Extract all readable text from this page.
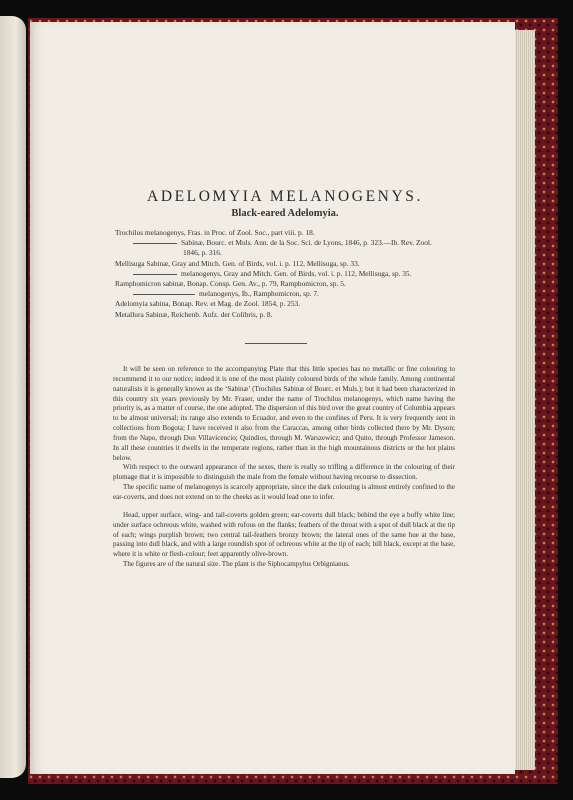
ADELOMYIA MELANOGENYS.
Black-eared Adelomyia.
Trochilus melanogenys, Fras. in Proc. of Zool. Soc., part viii. p. 18.
Sabinæ, Bourc. et Muls. Ann. de la Soc. Sci. de Lyons, 1846, p. 323.—Ib. Rev. Zool.
1846, p. 316.
Mellisuga Sabinæ, Gray and Mitch. Gen. of Birds, vol. i. p. 112, Mellisuga, sp. 33.
melanogenys, Gray and Mitch. Gen. of Birds, vol. i. p. 112, Mellisuga, sp. 35.
Ramphomicron sabinæ, Bonap. Consp. Gen. Av., p. 79, Ramphomicron, sp. 5.
melanogenys, Ib., Ramphomicron, sp. 7.
Adelomyia sabina, Bonap. Rev. et Mag. de Zool. 1854, p. 253.
Metallura Sabinæ, Reichenb. Aufz. der Colibris, p. 8.

It will be seen on reference to the accompanying Plate that this little species has no metallic or fine colouring to recommend it to our notice; indeed it is one of the most plainly coloured birds of the whole family. Among continental naturalists it is generally known as the ‘Sabinæ’ (Trochilus Sabinæ of Bourc. et Muls.); but it had been characterized in this country six years previously by Mr. Fraser, under the name of Trochilus melanogenys, which name having the priority is, as a matter of course, the one adopted. The dispersion of this bird over the great country of Columbia appears to be almost universal; its range also extends to Ecuador, and even to the confines of Peru. It is very frequently sent in collections from Bogota; I have received it also from the Caraccas, among other birds collected there by Mr. Dyson; from the Napo, through Don Villavicencio; Quindios, through M. Warszewicz; and Quito, through Professor Jameson. In all these countries it dwells in the temperate regions, rather than in the high mountainous districts or the hot plains below.

With respect to the outward appearance of the sexes, there is really so trifling a difference in the colouring of their plumage that it is impossible to distinguish the male from the female without having recourse to dissection.

The specific name of melanogenys is scarcely appropriate, since the dark colouring is almost entirely confined to the ear-coverts, and does not extend on to the cheeks as it would lead one to infer.

Head, upper surface, wing- and tail-coverts golden green; ear-coverts dull black; behind the eye a buffy white line; under surface ochreous white, washed with rufous on the flanks; feathers of the throat with a spot of dull black at the tip of each; wings purplish brown; two central tail-feathers bronzy brown; the lateral ones of the same hue at the base, passing into dull black, and with a large roundish spot of ochreous white at the tip of each; bill black, except at the base, where it is white or flesh-colour; feet apparently olive-brown.

The figures are of the natural size. The plant is the Siphocampylus Orbignianus.
